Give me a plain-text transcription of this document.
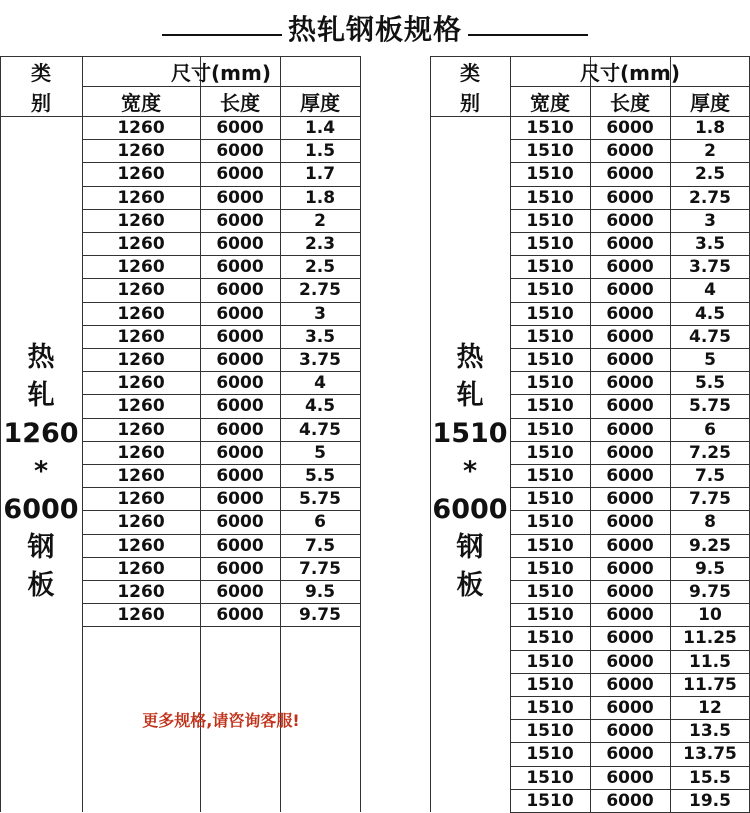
热轧钢板规格
类
别
尺寸(mm)
宽度	长度	厚度
类
别
尺寸(mm)
宽度	长度	厚度
1260	6000	1.4
1260	6000	1.5
1260	6000	1.7
1260	6000	1.8
1260	6000	2
1260	6000	2.3
1260	6000	2.5
1260	6000	2.75
1260	6000	3
1260	6000	3.5
1260	6000	3.75
1260	6000	4
1260	6000	4.5
1260	6000	4.75
1260	6000	5
1260	6000	5.5
1260	6000	5.75
1260	6000	6
1260	6000	7.5
1260	6000	7.75
1260	6000	9.5
1260	6000	9.75
1510	6000	1.8
1510	6000	2
1510	6000	2.5
1510	6000	2.75
1510	6000	3
1510	6000	3.5
1510	6000	3.75
1510	6000	4
1510	6000	4.5
1510	6000	4.75
1510	6000	5
1510	6000	5.5
1510	6000	5.75
1510	6000	6
1510	6000	7.25
1510	6000	7.5
1510	6000	7.75
1510	6000	8
1510	6000	9.25
1510	6000	9.5
1510	6000	9.75
1510	6000	10
1510	6000	11.25
1510	6000	11.5
1510	6000	11.75
1510	6000	12
1510	6000	13.5
1510	6000	13.75
1510	6000	15.5
1510	6000	19.5
热
轧
1260
*
6000
钢
板
热
轧
1510
*
6000
钢
板
更多规格,请咨询客服!
